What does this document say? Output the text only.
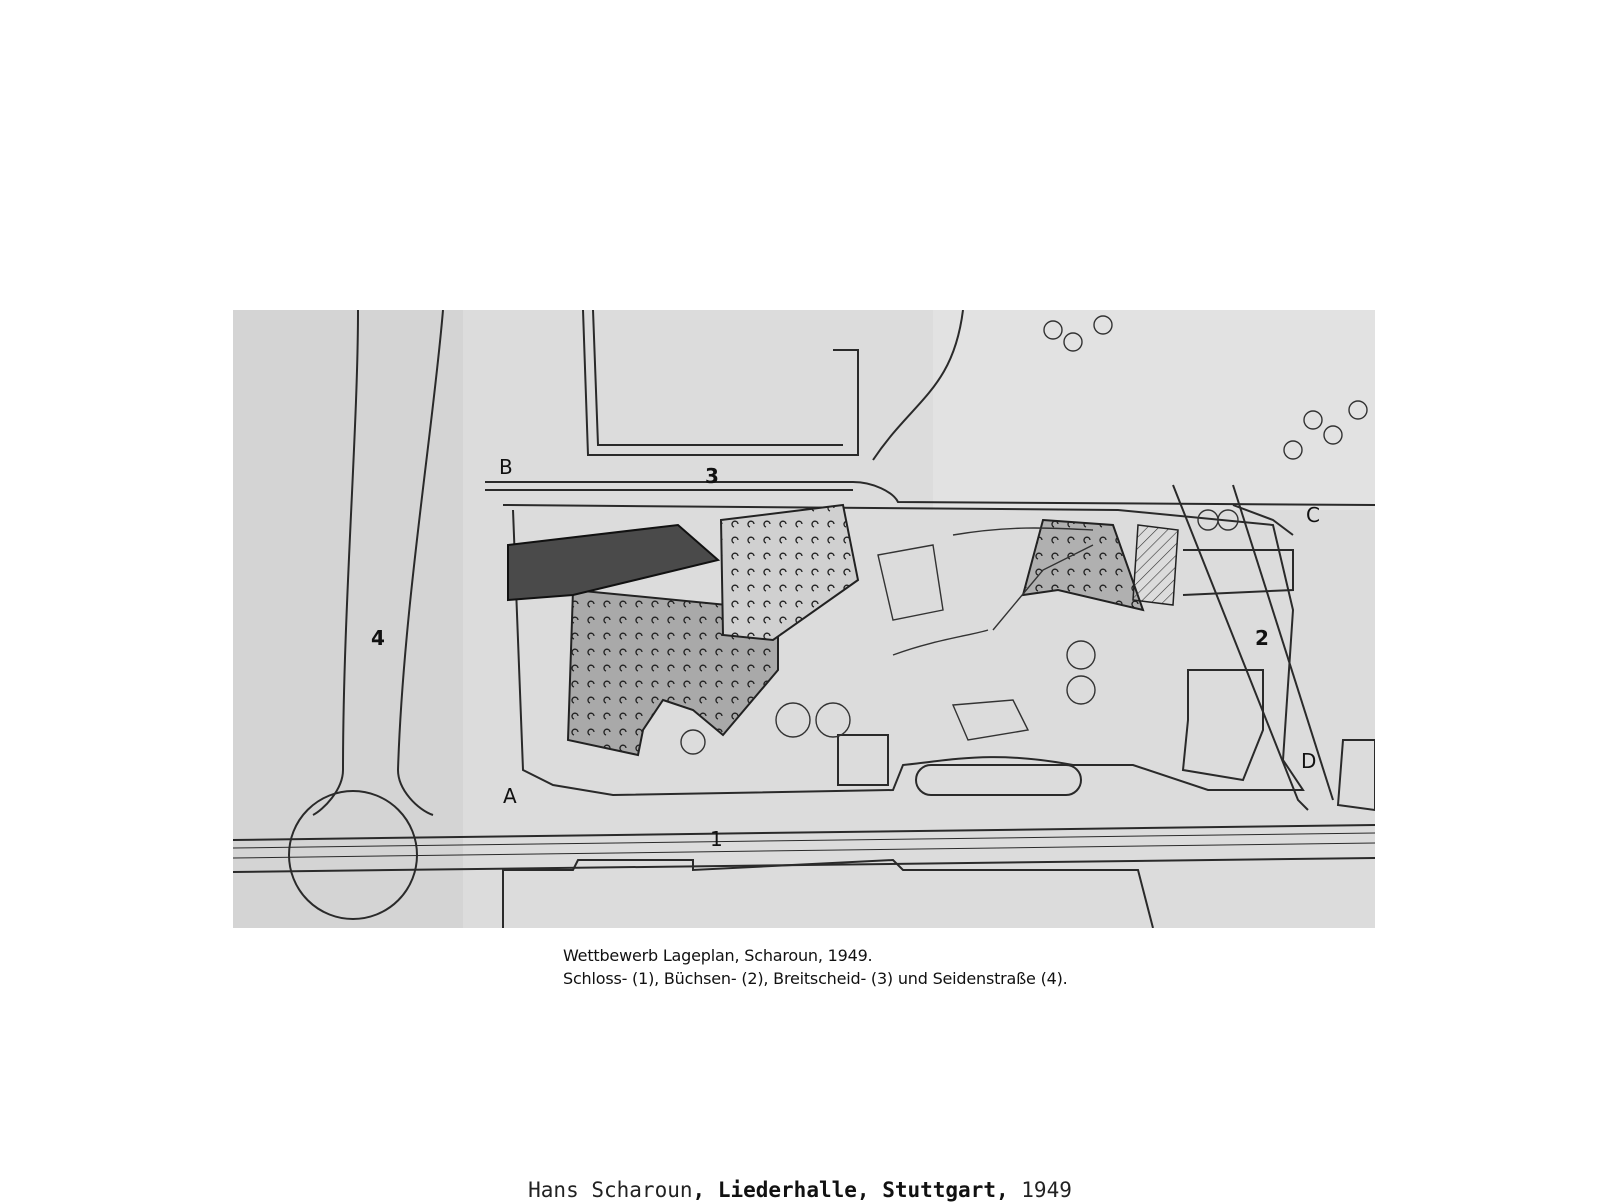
1
2
3
4
A
B
C
D
Wettbewerb Lageplan, Scharoun, 1949.
Schloss- (1), Büchsen- (2), Breitscheid- (3) und Seidenstraße (4).
Hans Scharoun, Liederhalle, Stuttgart, 1949
